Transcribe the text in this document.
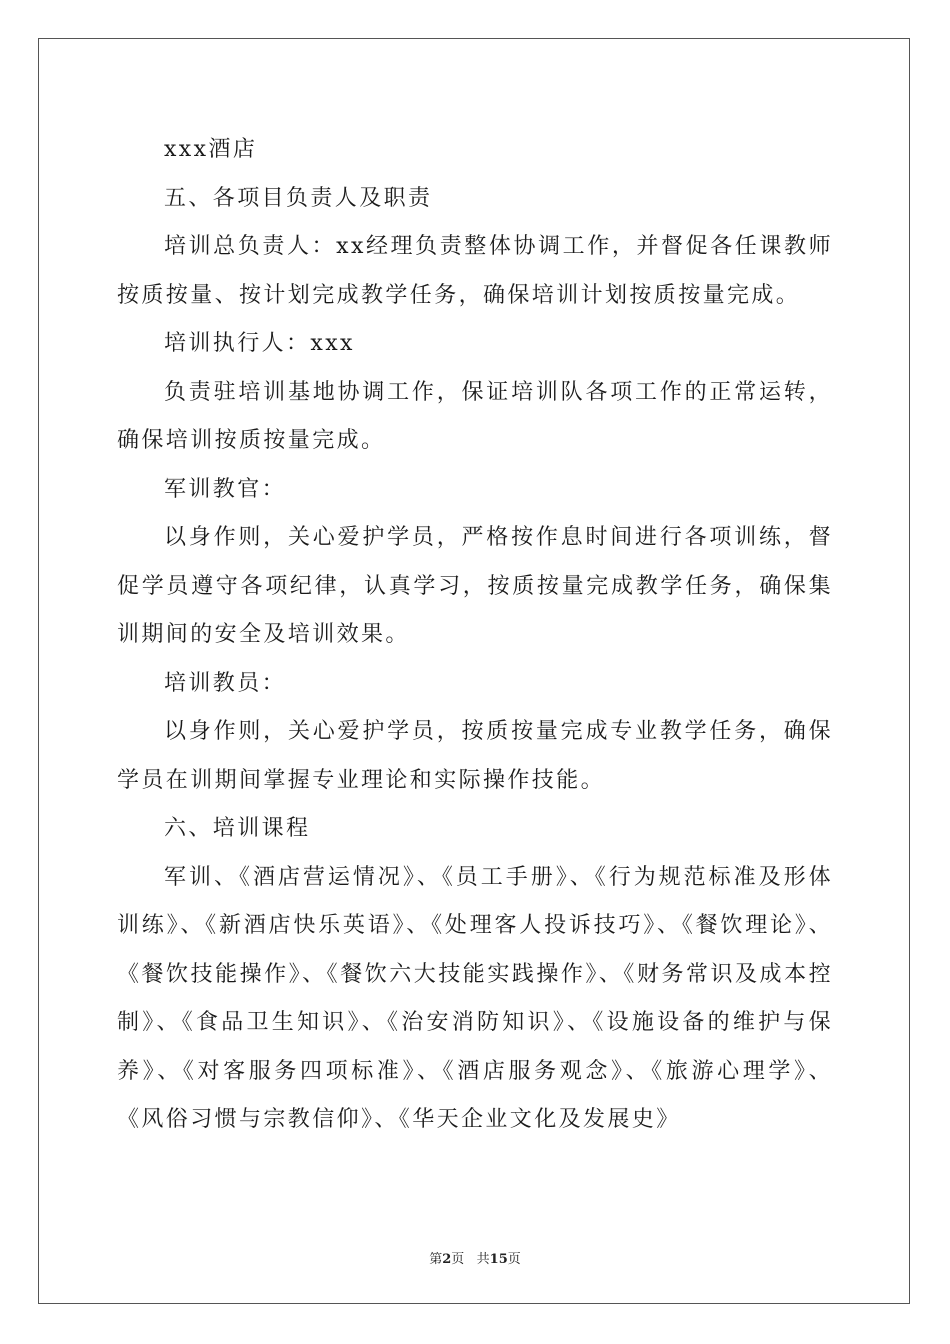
xxx酒店

五、各项目负责人及职责

培训总负责人：xx经理负责整体协调工作，并督促各任课教师按质按量、按计划完成教学任务，确保培训计划按质按量完成。

培训执行人：xxx

负责驻培训基地协调工作，保证培训队各项工作的正常运转，确保培训按质按量完成。

军训教官：

以身作则，关心爱护学员，严格按作息时间进行各项训练，督促学员遵守各项纪律，认真学习，按质按量完成教学任务，确保集训期间的安全及培训效果。

培训教员：

以身作则，关心爱护学员，按质按量完成专业教学任务，确保学员在训期间掌握专业理论和实际操作技能。

六、培训课程

军训、《酒店营运情况》、《员工手册》、《行为规范标准及形体训练》、《新酒店快乐英语》、《处理客人投诉技巧》、《餐饮理论》、《餐饮技能操作》、《餐饮六大技能实践操作》、《财务常识及成本控制》、《食品卫生知识》、《治安消防知识》、《设施设备的维护与保养》、《对客服务四项标准》、《酒店服务观念》、《旅游心理学》、《风俗习惯与宗教信仰》、《华天企业文化及发展史》

第2页   共15页
